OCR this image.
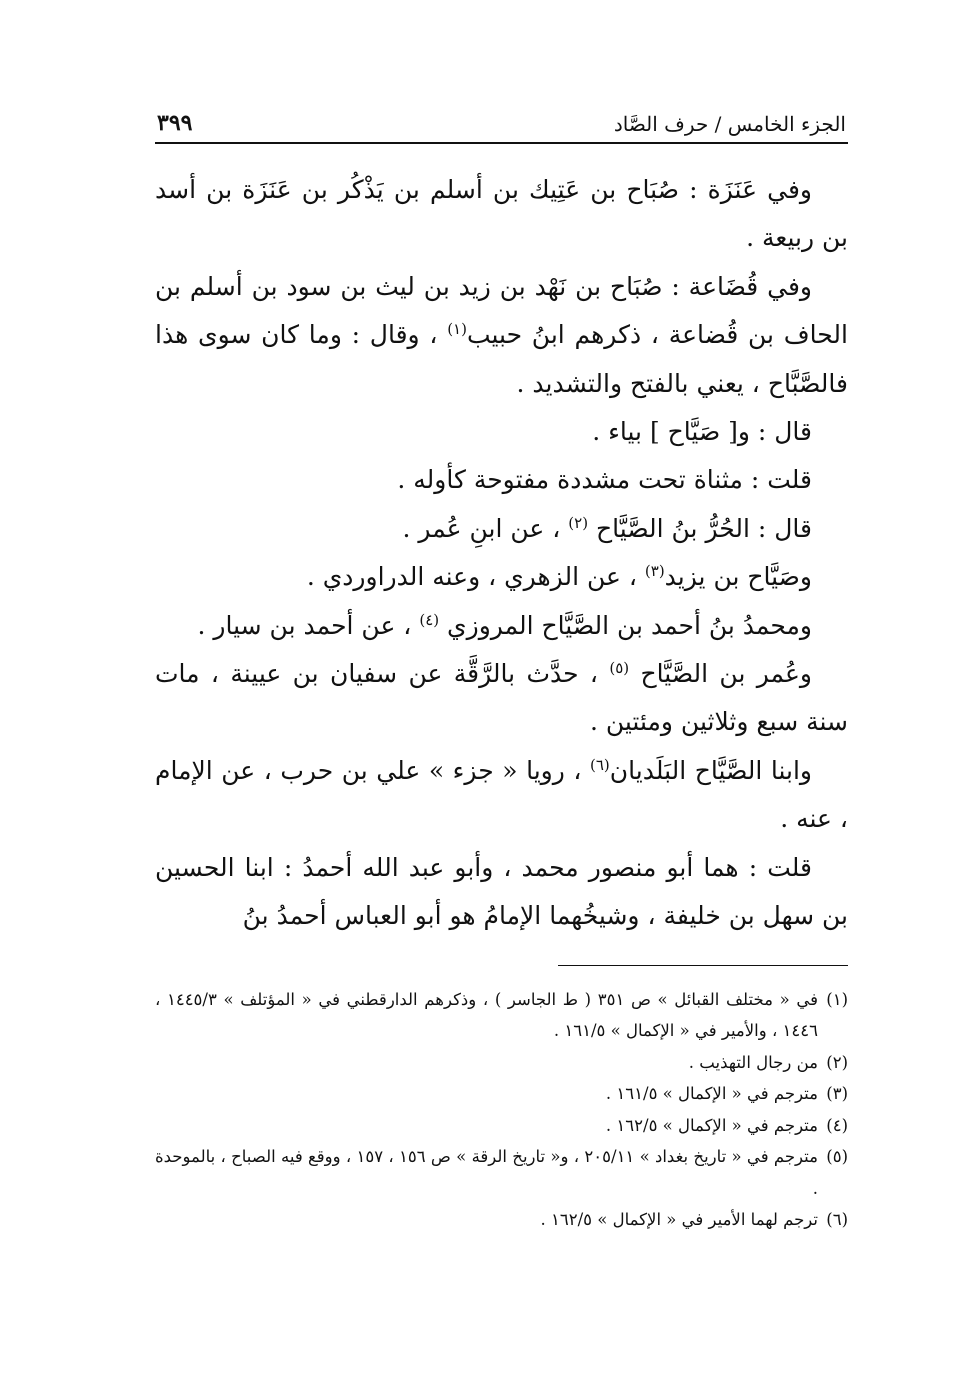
الجزء الخامس / حرف الصَّاد
٣٩٩

وفي عَنَزَة : صُبَاح بن عَتِيك بن أسلم بن يَذْكُر بن عَنَزَة بن أسد بن ربيعة .

وفي قُضَاعة : صُبَاح بن نَهْد بن زيد بن ليث بن سود بن أسلم بن الحاف بن قُضاعة ، ذكرهم ابنُ حبيب$^{(١)}$ ، وقال : وما كان سوى هذا فالصَّبَّاح ، يعني بالفتح والتشديد .

قال : و[ صَيَّاح ] بياء .

قلت : مثناة تحت مشددة مفتوحة كأوله .

قال : الحُرُّ بنُ الصَّيَّاح $^{(٢)}$ ، عن ابنِ عُمر .

وصَيَّاح بن يزيد$^{(٣)}$ ، عن الزهري ، وعنه الدراوردي .

ومحمدُ بنُ أحمد بن الصَّيَّاح المروزي $^{(٤)}$ ، عن أحمد بن سيار .

وعُمر بن الصَّيَّاح $^{(٥)}$ ، حدَّث بالرَّقَّة عن سفيان بن عيينة ، مات سنة سبع وثلاثين ومئتين .

وابنا الصَّيَّاح البَلَديان$^{(٦)}$ ، رويا « جزء » علي بن حرب ، عن الإمام ، عنه .

قلت : هما أبو منصور محمد ، وأبو عبد الله أحمدُ : ابنا الحسين بن سهل بن خليفة ، وشيخُهما الإمامُ هو أبو العباس أحمدُ بنُ

(١)
في « مختلف القبائل » ص ٣٥١ ( ط الجاسر ) ، وذكرهم الدارقطني في « المؤتلف » ١٤٤٥/٣ ، ١٤٤٦ ، والأمير في « الإكمال » ١٦١/٥ .
(٢)
من رجال التهذيب .
(٣)
مترجم في « الإكمال » ١٦١/٥ .
(٤)
مترجم في « الإكمال » ١٦٢/٥ .
(٥)
مترجم في « تاريخ بغداد » ٢٠٥/١١ ، و« تاريخ الرقة » ص ١٥٦ ، ١٥٧ ، ووقع فيه الصباح ، بالموحدة .
(٦)
ترجم لهما الأمير في « الإكمال » ١٦٢/٥ .
